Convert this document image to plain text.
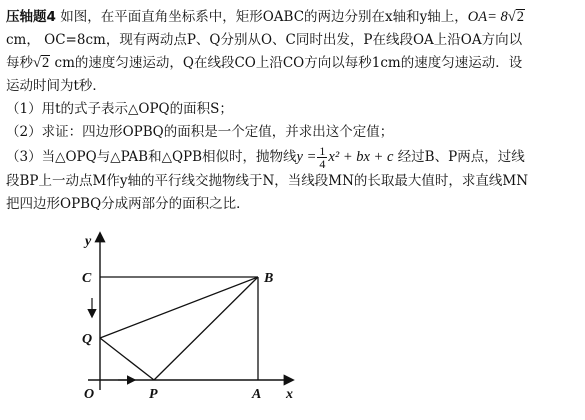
压轴题4 如图，在平面直角坐标系中，矩形OABC的两边分别在x轴和y轴上，OA= 8√2
cm， OC=8cm，现有两动点P、Q分别从O、C同时出发，P在线段OA上沿OA方向以
每秒√2 cm的速度匀速运动，Q在线段CO上沿CO方向以每秒1cm的速度匀速运动．设
运动时间为t秒．
（1）用t的式子表示△OPQ的面积S；
（2）求证：四边形OPBQ的面积是一个定值，并求出这个定值；
（3）当△OPQ与△PAB和△QPB相似时，抛物线$y = \frac{1}{4} x^2$ + bx + c 经过B、P两点，过线
段BP上一动点M作y轴的平行线交抛物线于N，当线段MN的长取最大值时，求直线MN
把四边形OPBQ分成两部分的面积之比．
y
x
O	A
B
C
P
Q
